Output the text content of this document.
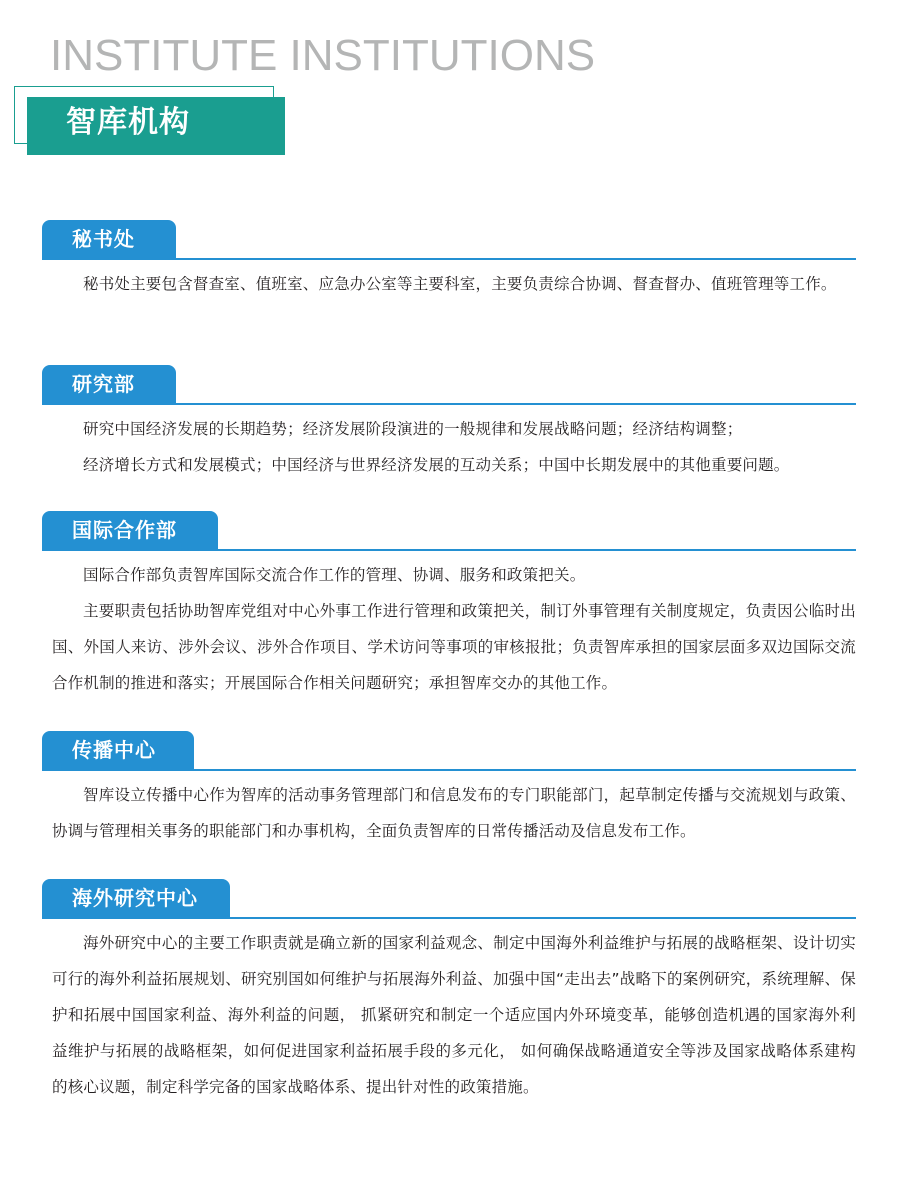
INSTITUTE INSTITUTIONS
智库机构
秘书处

秘书处主要包含督查室、值班室、应急办公室等主要科室，主要负责综合协调、督查督办、值班管理等工作。

研究部

研究中国经济发展的长期趋势；经济发展阶段演进的一般规律和发展战略问题；经济结构调整；

经济增长方式和发展模式；中国经济与世界经济发展的互动关系；中国中长期发展中的其他重要问题。

国际合作部

国际合作部负责智库国际交流合作工作的管理、协调、服务和政策把关。

主要职责包括协助智库党组对中心外事工作进行管理和政策把关，制订外事管理有关制度规定，负责因公临时出国、外国人来访、涉外会议、涉外合作项目、学术访问等事项的审核报批；负责智库承担的国家层面多双边国际交流合作机制的推进和落实；开展国际合作相关问题研究；承担智库交办的其他工作。

传播中心

智库设立传播中心作为智库的活动事务管理部门和信息发布的专门职能部门，起草制定传播与交流规划与政策、协调与管理相关事务的职能部门和办事机构，全面负责智库的日常传播活动及信息发布工作。

海外研究中心

海外研究中心的主要工作职责就是确立新的国家利益观念、制定中国海外利益维护与拓展的战略框架、设计切实可行的海外利益拓展规划、研究别国如何维护与拓展海外利益、加强中国“走出去”战略下的案例研究，系统理解、保护和拓展中国国家利益、海外利益的问题， 抓紧研究和制定一个适应国内外环境变革，能够创造机遇的国家海外利益维护与拓展的战略框架，如何促进国家利益拓展手段的多元化， 如何确保战略通道安全等涉及国家战略体系建构的核心议题，制定科学完备的国家战略体系、提出针对性的政策措施。
